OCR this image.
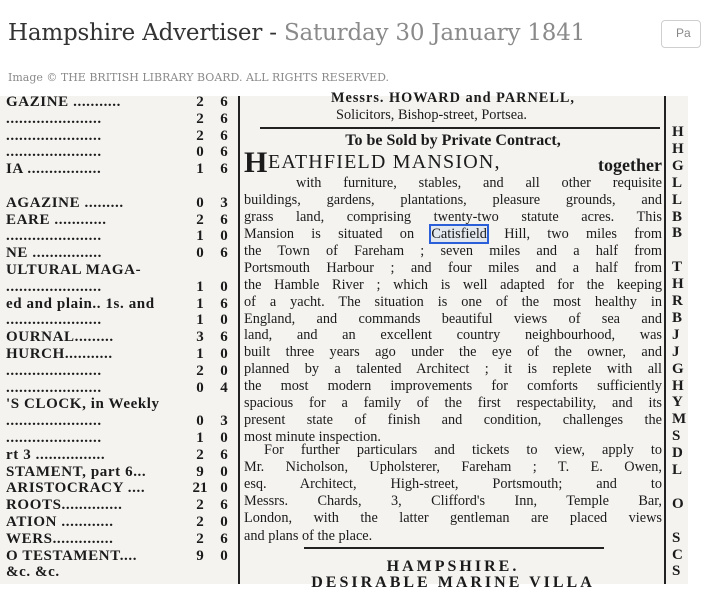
Hampshire Advertiser - Saturday 30 January 1841
Image © THE BRITISH LIBRARY BOARD. ALL RIGHTS RESERVED.
Pa
GAZINE ...........	2 6
......................	2 6
......................	2 6
......................	0 6
IA .................	1 6
AGAZINE .........	0 3
EARE ............	2 6
......................	1 0
NE ................	0 6
ULTURAL MAGA-
......................	1 0
ed and plain.. 1s. and	1 6
......................	1 0
OURNAL.........	3 6
HURCH...........	1 0
......................	2 0
......................	0 4
'S CLOCK, in Weekly
......................	0 3
......................	1 0
rt 3 ................	2 6
STAMENT, part 6...	9 0
ARISTOCRACY ....	21 0
ROOTS..............	2 6
ATION ............	2 0
WERS..............	2 6
O TESTAMENT....	9 0
&c. &c.
Messrs. HOWARD and PARNELL,
Solicitors, Bishop-street, Portsea.
To be Sold by Private Contract,
H EATHFIELD MANSION,	together
with furniture, stables, and all other requisite
buildings, gardens, plantations, pleasure grounds, and
grass land, comprising twenty-two statute acres. This
the Town of Fareham ; seven miles and a half from
Portsmouth Harbour ; and four miles and a half from
the Hamble River ; which is well adapted for the keeping
of a yacht. The situation is one of the most healthy in
England, and commands beautiful views of sea and
land, and an excellent country neighbourhood, was
built three years ago under the eye of the owner, and
planned by a talented Architect ; it is replete with all
the most modern improvements for comforts sufficiently
spacious for a family of the first respectability, and its
present state of finish and condition, challenges the
most minute inspection.
Mansion is situated on Catisfield Hill, two miles from
For further particulars and tickets to view, apply to
Mr. Nicholson, Upholsterer, Fareham ; T. E. Owen,
esq. Architect, High-street, Portsmouth; and to
Messrs. Chards, 3, Clifford's Inn, Temple Bar,
London, with the latter gentleman are placed views
and plans of the place.
HAMPSHIRE.
DESIRABLE MARINE VILLA
H
H
G
L
L
B
B
T
H
R
B
J
J
G
H
Y
M
S
D
L
O
S
C
S
